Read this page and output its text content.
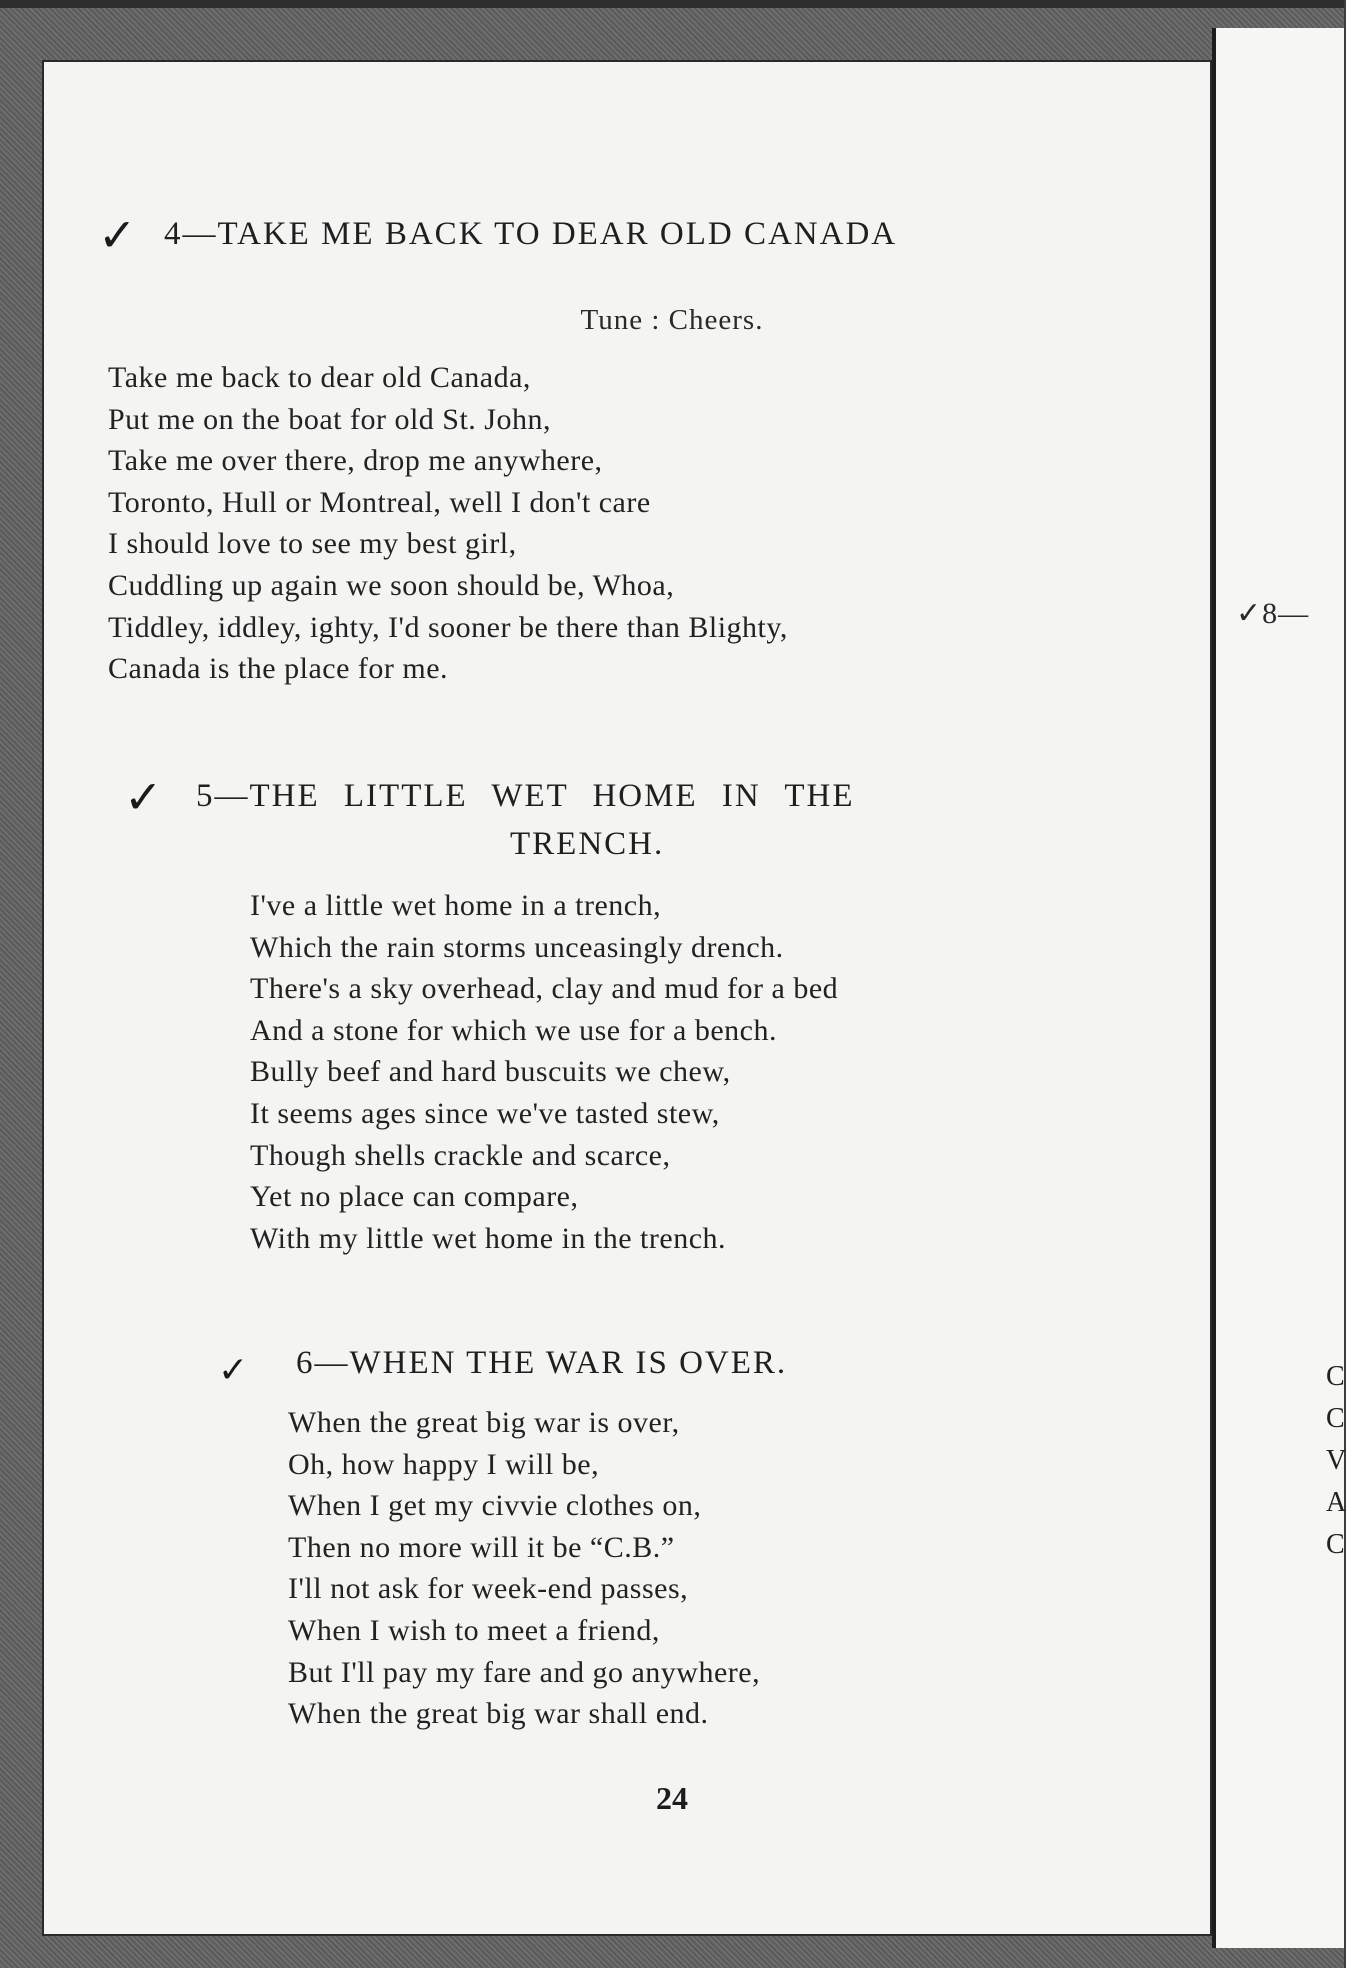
✓8—
C
C
V
A
C
✓ 4—TAKE ME BACK TO DEAR OLD CANADA
Tune : Cheers.
Take me back to dear old Canada,
Put me on the boat for old St. John,
Take me over there, drop me anywhere,
Toronto, Hull or Montreal, well I don't care
I should love to see my best girl,
Cuddling up again we soon should be, Whoa,
Tiddley, iddley, ighty, I'd sooner be there than Blighty,
Canada is the place for me.
✓ 5—THE LITTLE WET HOME IN THE
TRENCH.
I've a little wet home in a trench,
Which the rain storms unceasingly drench.
There's a sky overhead, clay and mud for a bed
And a stone for which we use for a bench.
Bully beef and hard buscuits we chew,
It seems ages since we've tasted stew,
Though shells crackle and scarce,
Yet no place can compare,
With my little wet home in the trench.
✓ 6—WHEN THE WAR IS OVER.
When the great big war is over,
Oh, how happy I will be,
When I get my civvie clothes on,
Then no more will it be “C.B.”
I'll not ask for week-end passes,
When I wish to meet a friend,
But I'll pay my fare and go anywhere,
When the great big war shall end.
24
